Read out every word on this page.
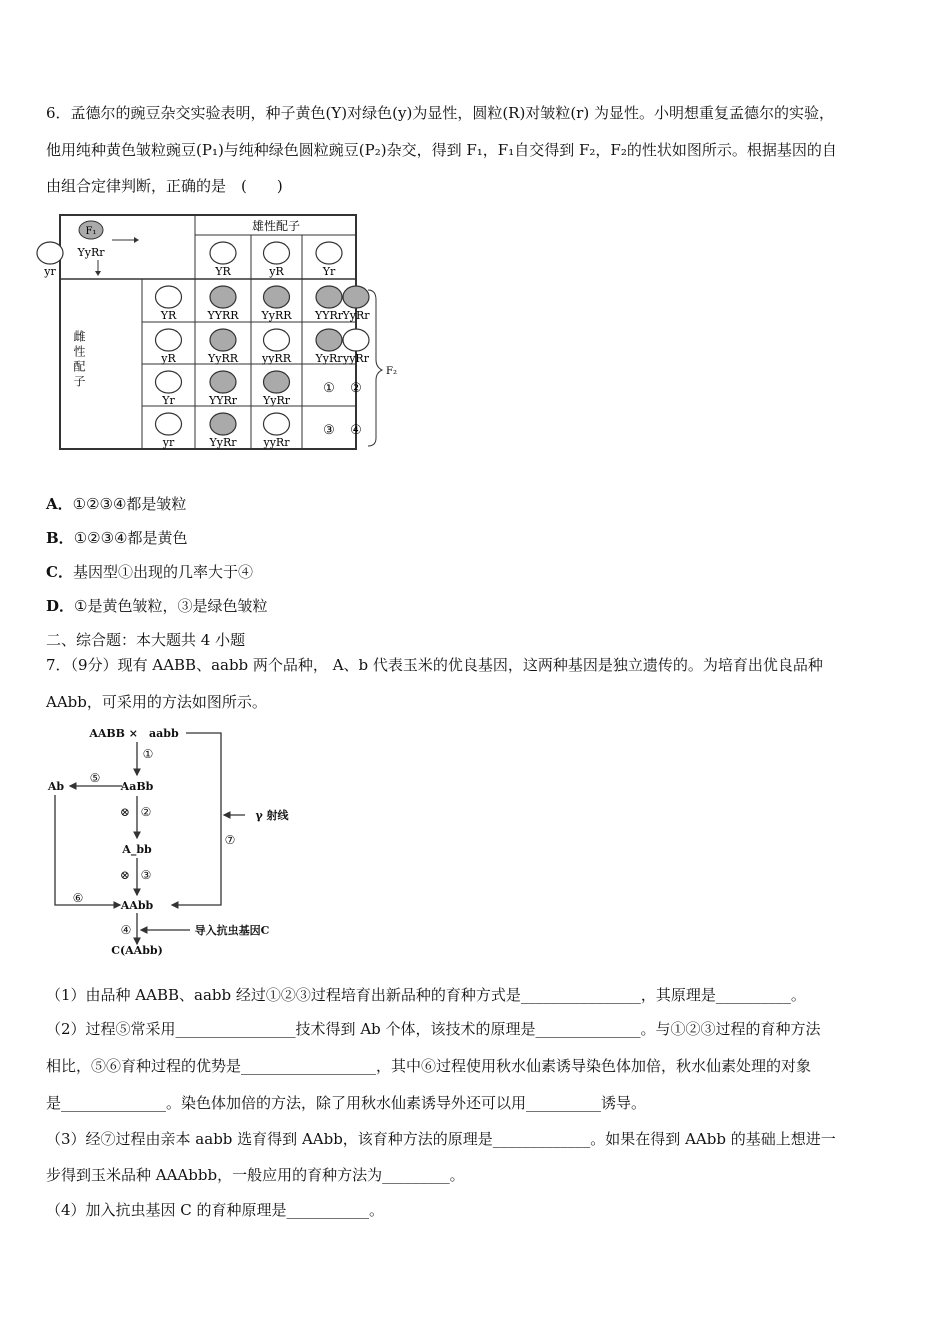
6．孟德尔的豌豆杂交实验表明，种子黄色(Y)对绿色(y)为显性，圆粒(R)对皱粒(r) 为显性。小明想重复孟德尔的实验，
他用纯种黄色皱粒豌豆(P₁)与纯种绿色圆粒豌豆(P₂)杂交，得到 F₁，F₁自交得到 F₂，F₂的性状如图所示。根据基因的自
由组合定律判断，正确的是　(　　)
F₁
YyRr
雄性配子
YR	yR	Yr
yr
YR
yR
Yr
yr
YYRR YyRR YYRr YyRr
YyRR yyRR YyRr yyRr
YYRr YyRr
① ②
YyRr yyRr
③ ④
F₂
雌性配子
A．①②③④都是皱粒
B．①②③④都是黄色
C．基因型①出现的几率大于④
D．①是黄色皱粒，③是绿色皱粒
二、综合题：本大题共 4 小题
7．（9分）现有 AABB、aabb 两个品种， A、b 代表玉米的优良基因，这两种基因是独立遗传的。为培育出优良品种
AAbb，可采用的方法如图所示。
AABB ×　aabb
AaBb
Ab
A_bb
AAbb
C(AAbb)
γ 射线
导入抗虫基因C
①
②
③
④
⑤
⑥
⑦
⊗
⊗
（1）由品种 AABB、aabb 经过①②③过程培育出新品种的育种方式是________________，其原理是__________。
（2）过程⑤常采用________________技术得到 Ab 个体，该技术的原理是______________。与①②③过程的育种方法
相比，⑤⑥育种过程的优势是__________________，其中⑥过程使用秋水仙素诱导染色体加倍，秋水仙素处理的对象
是______________。染色体加倍的方法，除了用秋水仙素诱导外还可以用__________诱导。
（3）经⑦过程由亲本 aabb 选育得到 AAbb，该育种方法的原理是_____________。如果在得到 AAbb 的基础上想进一
步得到玉米品种 AAAbbb，一般应用的育种方法为_________。
（4）加入抗虫基因 C 的育种原理是___________。
